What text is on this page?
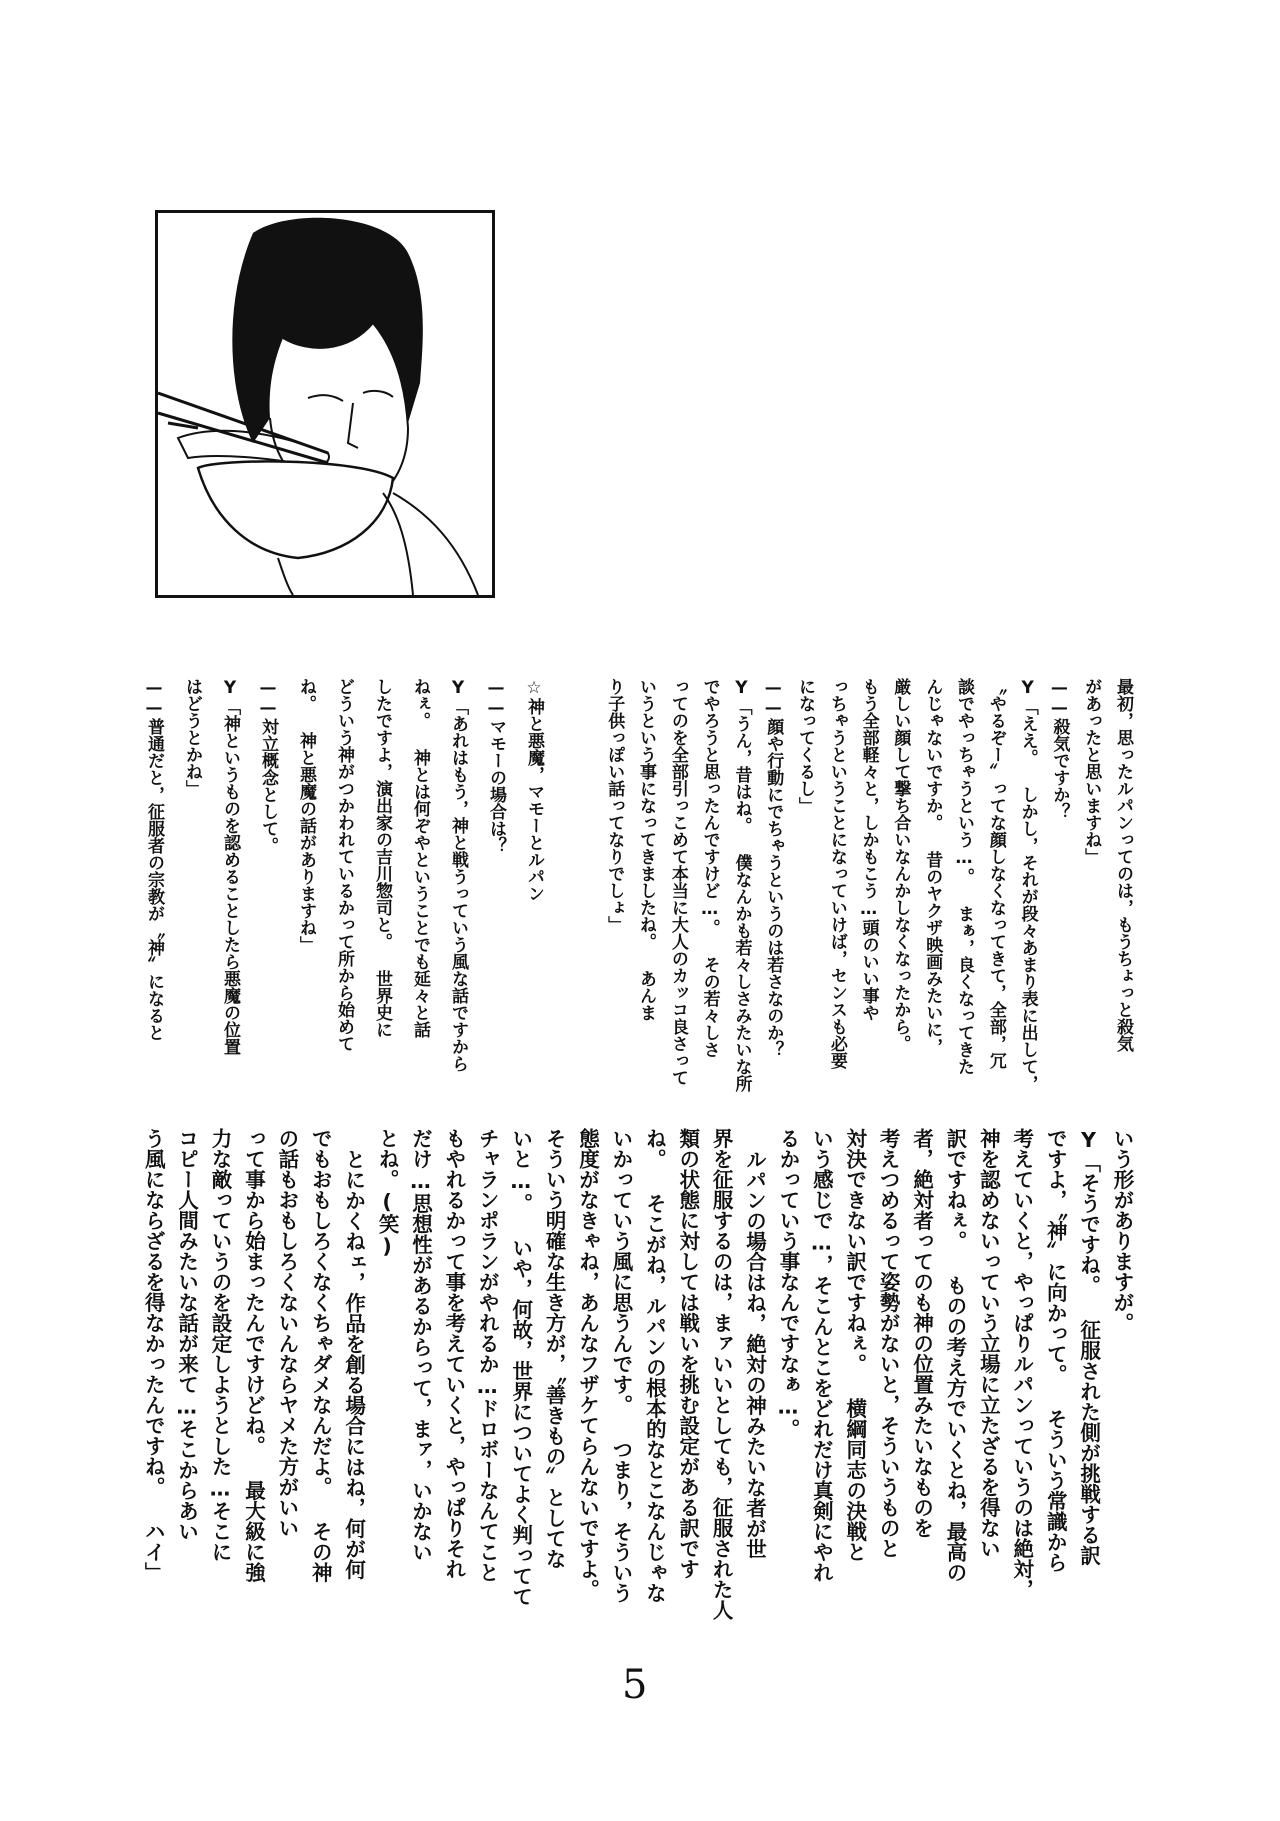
最初，思ったルパンってのは，もうちょっと殺気
があったと思いますね」
——殺気ですか？
Y「ええ。 しかし，それが段々あまり表に出して，
〝やるぞー〟ってな顔しなくなってきて，全部，冗
談でやっちゃうという…。 まぁ，良くなってきた
んじゃないですか。 昔のヤクザ映画みたいに，
厳しい顔して撃ち合いなんかしなくなったから。
もう全部軽々と，しかもこう…頭のいい事や
っちゃうということになっていけば，センスも必要
になってくるし」
——顔や行動にでちゃうというのは若さなのか？
Y「うん，昔はね。 僕なんかも若々しさみたいな所
でやろうと思ったんですけど…。 その若々しさ
ってのを全部引っこめて本当に大人のカッコ良さって
いうという事になってきましたね。 あんま
り子供っぽい話ってなりでしょ」
☆神と悪魔，マモーとルパン
——マモーの場合は？
Y「あれはもう，神と戦うっていう風な話ですから
ねぇ。 神とは何ぞやということでも延々と話
したですよ，演出家の吉川惣司と。 世界史に
どういう神がつかわれているかって所から始めて
ね。 神と悪魔の話がありますね」
——対立概念として。
Y「神というものを認めることしたら悪魔の位置
はどうとかね」
——普通だと，征服者の宗教が〝神〟になると
いう形がありますが。
Y「そうですね。 征服された側が挑戦する訳
ですよ，〝神〟に向かって。 そういう常識から
考えていくと，やっぱりルパンっていうのは絶対，
神を認めないっていう立場に立たざるを得ない
訳ですねぇ。 ものの考え方でいくとね，最高の
者，絶対者ってのも神の位置みたいなものを
考えつめるって姿勢がないと，そういうものと
対決できない訳ですねぇ。 横綱同志の決戦と
いう感じで…，そこんとこをどれだけ真剣にやれ
るかっていう事なんですなぁ…。
ルパンの場合はね，絶対の神みたいな者が世
界を征服するのは，まァいいとしても，征服された人
類の状態に対しては戦いを挑む設定がある訳です
ね。 そこがね，ルパンの根本的なとこなんじゃな
いかっていう風に思うんです。 つまり，そういう
態度がなきゃね，あんなフザケてらんないですよ。
そういう明確な生き方が，〝善きもの〟としてな
いと…。 いや，何故，世界についてよく判ってて
チャランポランがやれるか…ドロボーなんてこと
もやれるかって事を考えていくと，やっぱりそれ
だけ…思想性があるからって，まァ，いかない
とね。(笑)
とにかくねェ，作品を創る場合にはね，何が何
でもおもしろくなくちゃダメなんだよ。 その神
の話もおもしろくないんならヤメた方がいい
って事から始まったんですけどね。 最大級に強
力な敵っていうのを設定しようとした…そこに
コピー人間みたいな話が来て…そこからあい
う風にならざるを得なかったんですね。 ハイ」
5
